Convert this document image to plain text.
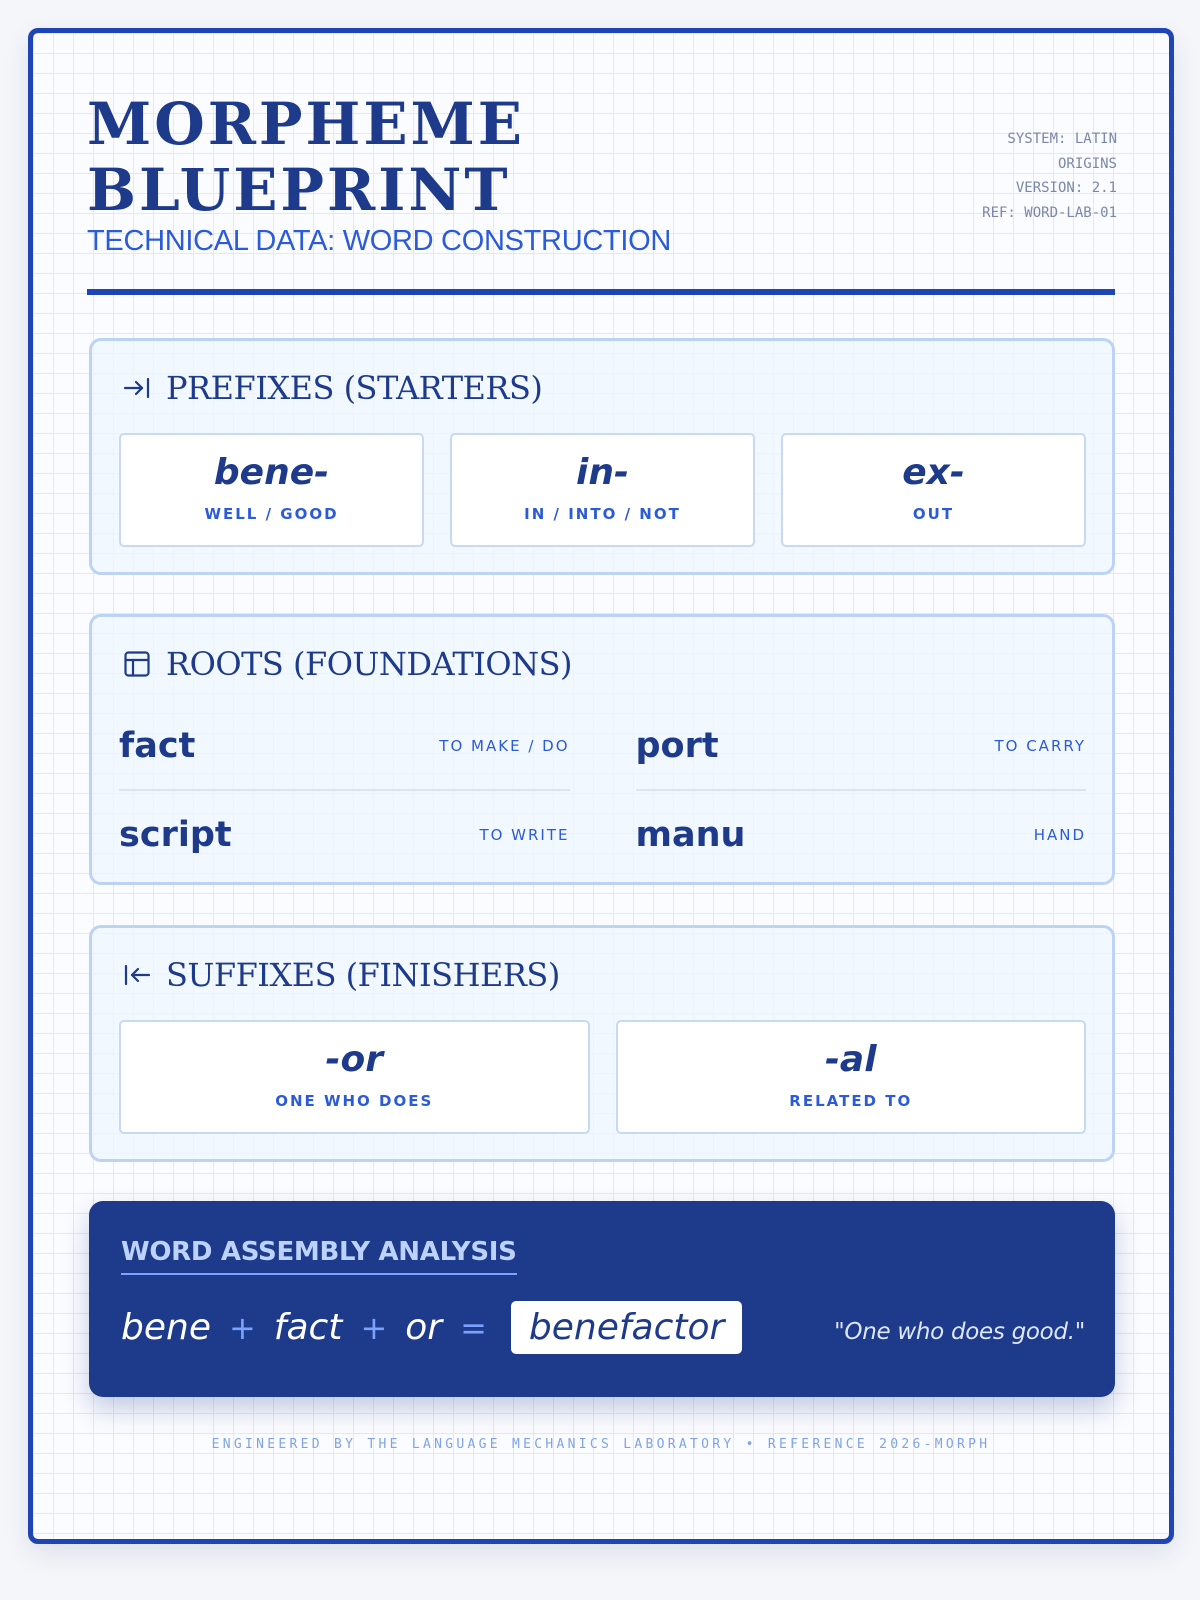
MORPHEME BLUEPRINT
TECHNICAL DATA: WORD CONSTRUCTION
SYSTEM: LATIN
ORIGINS
VERSION: 2.1
REF: WORD-LAB-01
PREFIXES (STARTERS)
bene-
WELL / GOOD
in-
IN / INTO / NOT
ex-
OUT
ROOTS (FOUNDATIONS)
fact	TO MAKE / DO port	TO CARRY
script	TO WRITE manu	HAND
SUFFIXES (FINISHERS)
-or
ONE WHO DOES
-al
RELATED TO
WORD ASSEMBLY ANALYSIS
bene + fact + or =	benefactor	"One who does good."
ENGINEERED BY THE LANGUAGE MECHANICS LABORATORY • REFERENCE 2026-MORPH
